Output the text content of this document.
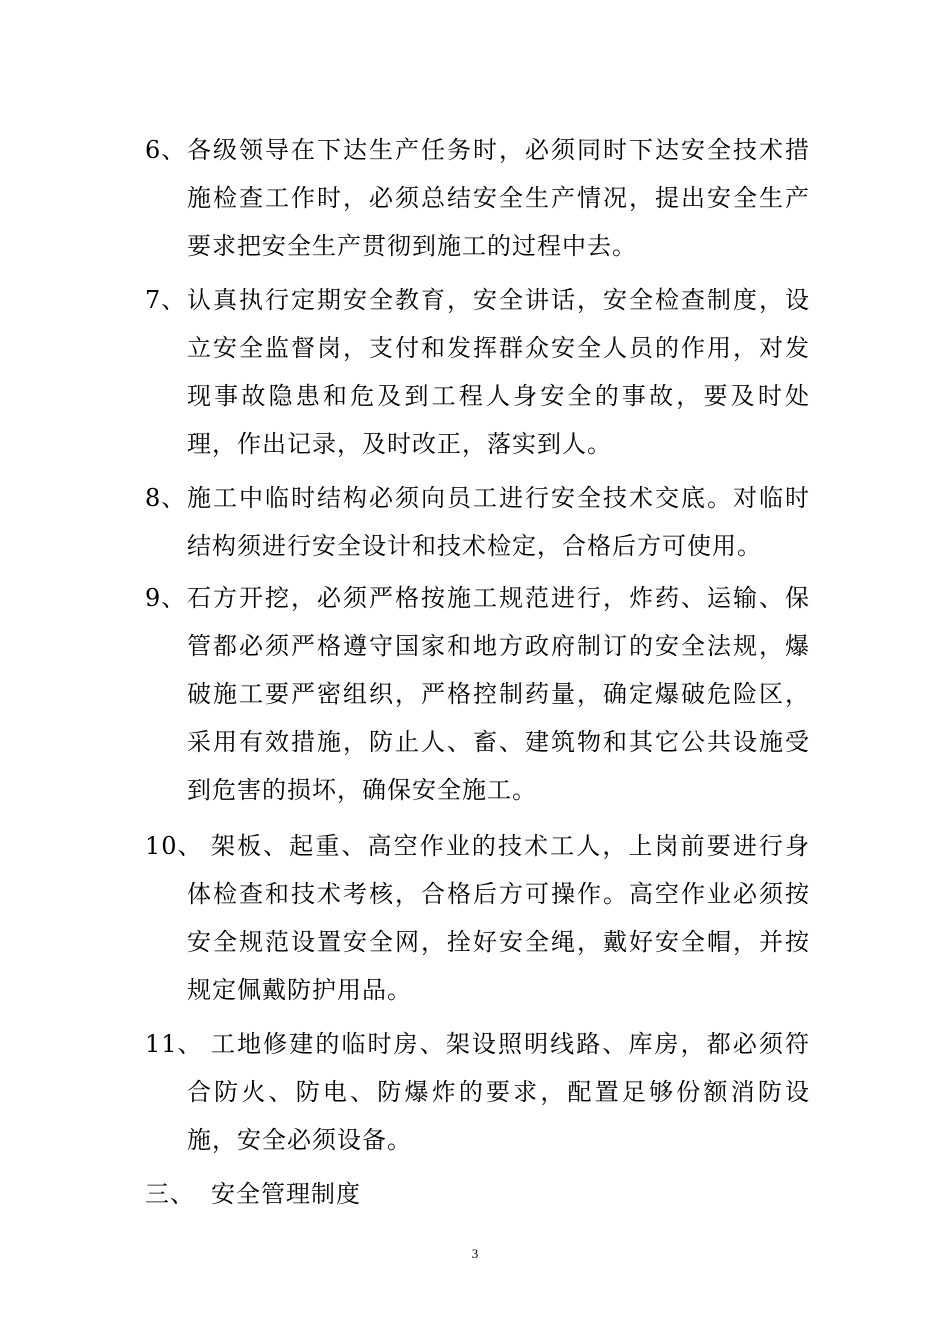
6、 各级领导在下达生产任务时，必须同时下达安全技术措施检查工作时，必须总结安全生产情况，提出安全生产要求把安全生产贯彻到施工的过程中去。
7、 认真执行定期安全教育，安全讲话，安全检查制度，设立安全监督岗，支付和发挥群众安全人员的作用，对发现事故隐患和危及到工程人身安全的事故，要及时处理，作出记录，及时改正，落实到人。
8、 施工中临时结构必须向员工进行安全技术交底。对临时结构须进行安全设计和技术检定，合格后方可使用。
9、 石方开挖，必须严格按施工规范进行，炸药、运输、保管都必须严格遵守国家和地方政府制订的安全法规，爆破施工要严密组织，严格控制药量，确定爆破危险区，采用有效措施，防止人、畜、建筑物和其它公共设施受到危害的损坏，确保安全施工。
10、 架板、起重、高空作业的技术工人，上岗前要进行身体检查和技术考核，合格后方可操作。高空作业必须按安全规范设置安全网，拴好安全绳，戴好安全帽，并按规定佩戴防护用品。
11、 工地修建的临时房、架设照明线路、库房，都必须符合防火、防电、防爆炸的要求，配置足够份额消防设施，安全必须设备。
三、 安全管理制度
3
